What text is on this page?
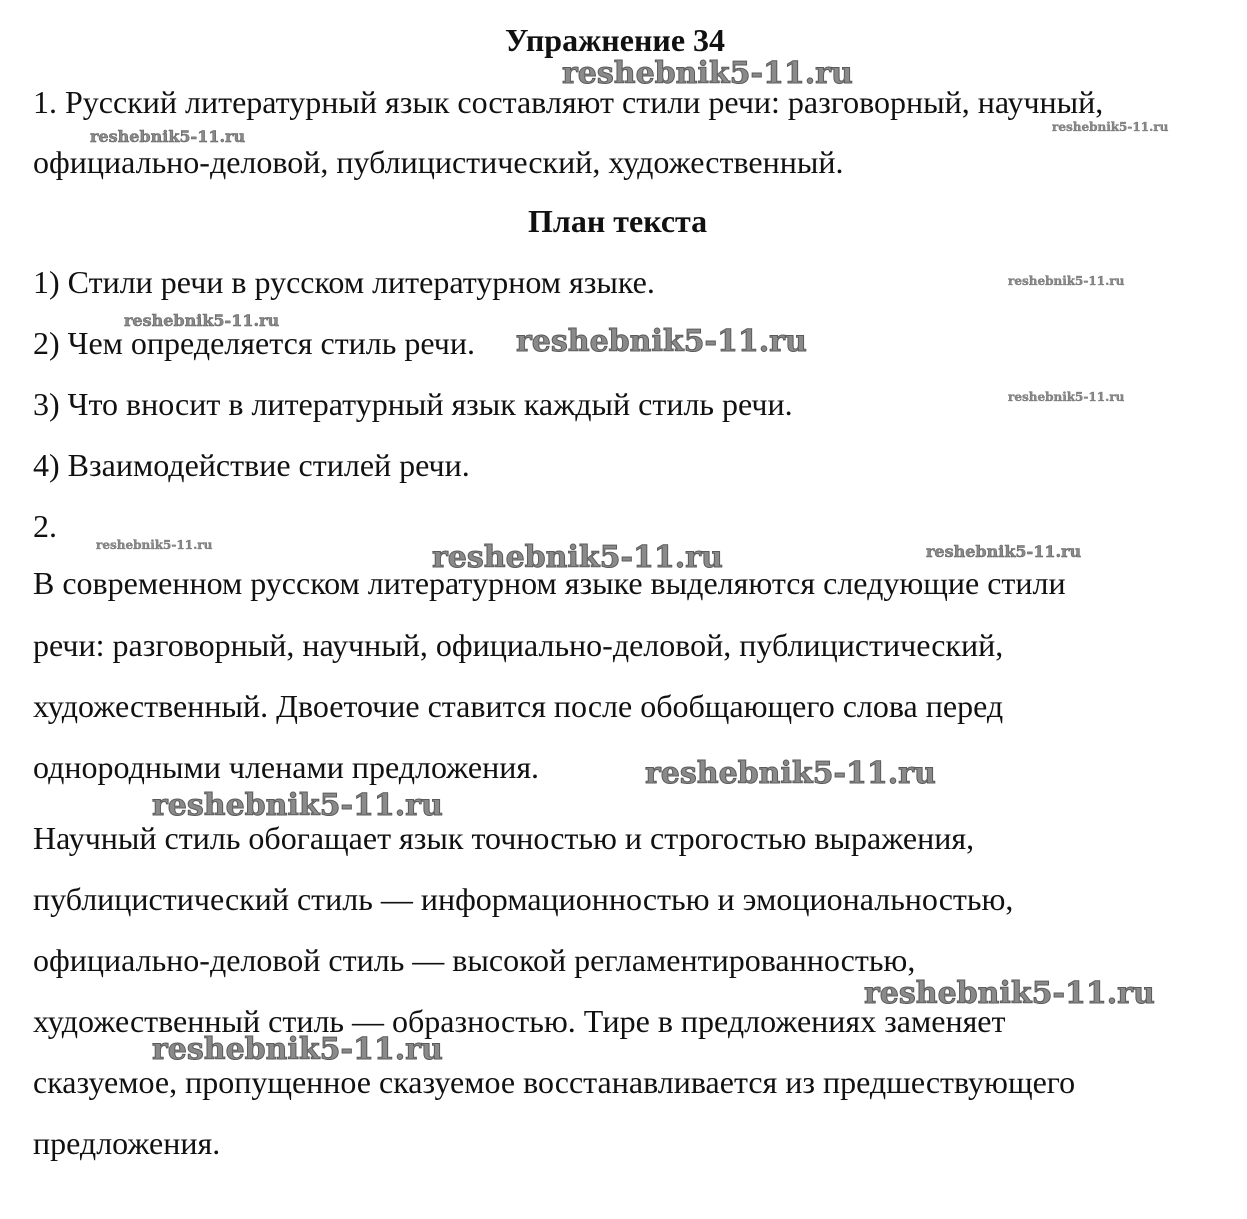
Упражнение 34
1. Русский литературный язык составляют стили речи: разговорный, научный,
официально-деловой, публицистический, художественный.
План текста
1) Стили речи в русском литературном языке.
2) Чем определяется стиль речи.
3) Что вносит в литературный язык каждый стиль речи.
4) Взаимодействие стилей речи.
2.
В современном русском литературном языке выделяются следующие стили
речи: разговорный, научный, официально-деловой, публицистический,
художественный. Двоеточие ставится после обобщающего слова перед
однородными членами предложения.
Научный стиль обогащает язык точностью и строгостью выражения,
публицистический стиль — информационностью и эмоциональностью,
официально-деловой стиль — высокой регламентированностью,
художественный стиль — образностью. Тире в предложениях заменяет
сказуемое, пропущенное сказуемое восстанавливается из предшествующего
предложения.
reshebnik5-11.ru
reshebnik5-11.ru	reshebnik5-11.ru
reshebnik5-11.ru
reshebnik5-11.ru
reshebnik5-11.ru
reshebnik5-11.ru
reshebnik5-11.ru	reshebnik5-11.ru	reshebnik5-11.ru
reshebnik5-11.ru
reshebnik5-11.ru
reshebnik5-11.ru
reshebnik5-11.ru
